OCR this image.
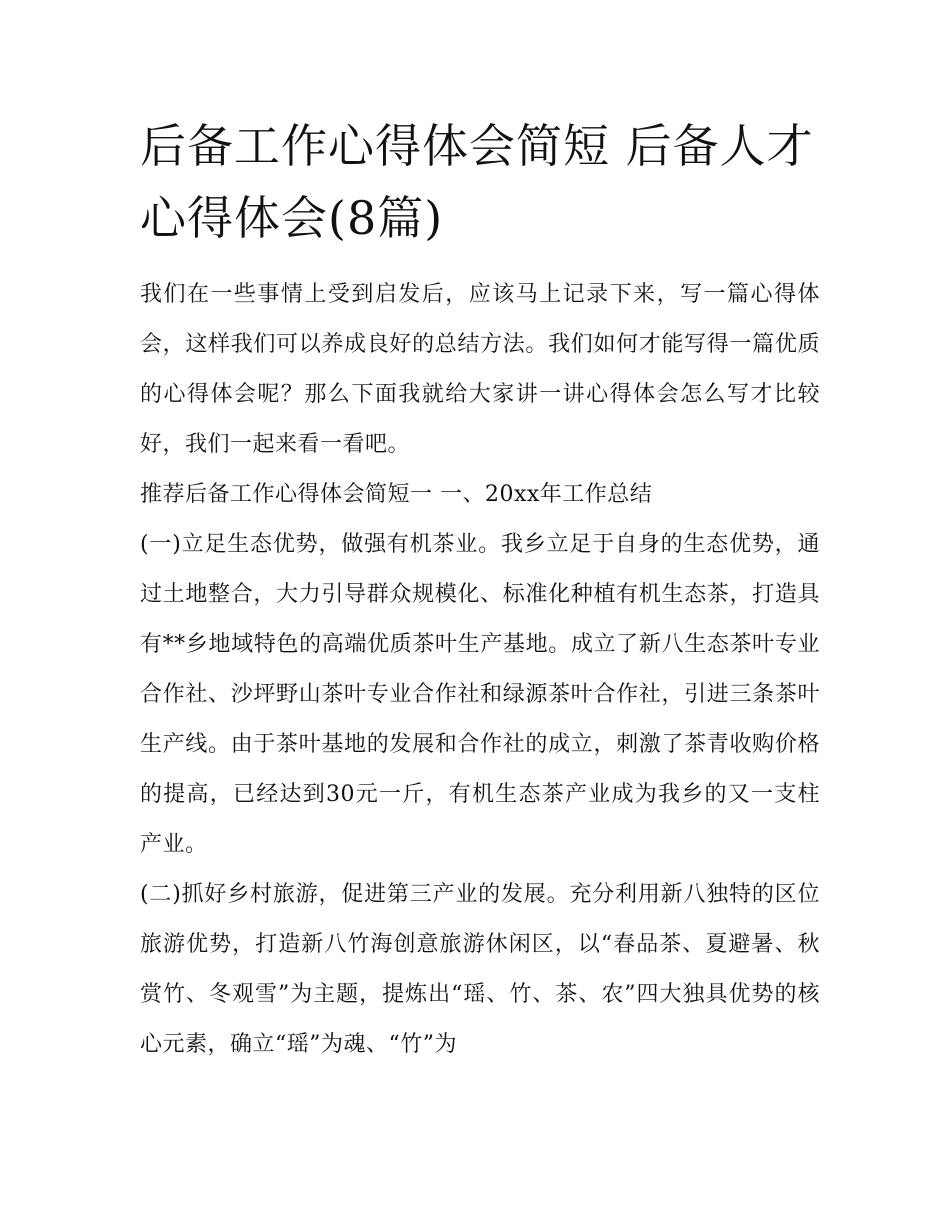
后备工作心得体会简短 后备人才心得体会(8篇)

我们在一些事情上受到启发后，应该马上记录下来，写一篇心得体会，这样我们可以养成良好的总结方法。我们如何才能写得一篇优质的心得体会呢？那么下面我就给大家讲一讲心得体会怎么写才比较好，我们一起来看一看吧。

推荐后备工作心得体会简短一 一、20xx年工作总结

(一)立足生态优势，做强有机茶业。我乡立足于自身的生态优势，通过土地整合，大力引导群众规模化、标准化种植有机生态茶，打造具有**乡地域特色的高端优质茶叶生产基地。成立了新八生态茶叶专业合作社、沙坪野山茶叶专业合作社和绿源茶叶合作社，引进三条茶叶生产线。由于茶叶基地的发展和合作社的成立，刺激了茶青收购价格的提高，已经达到30元一斤，有机生态茶产业成为我乡的又一支柱产业。

(二)抓好乡村旅游，促进第三产业的发展。充分利用新八独特的区位旅游优势，打造新八竹海创意旅游休闲区，以“春品茶、夏避暑、秋赏竹、冬观雪”为主题，提炼出“瑶、竹、茶、农”四大独具优势的核心元素，确立“瑶”为魂、“竹”为
